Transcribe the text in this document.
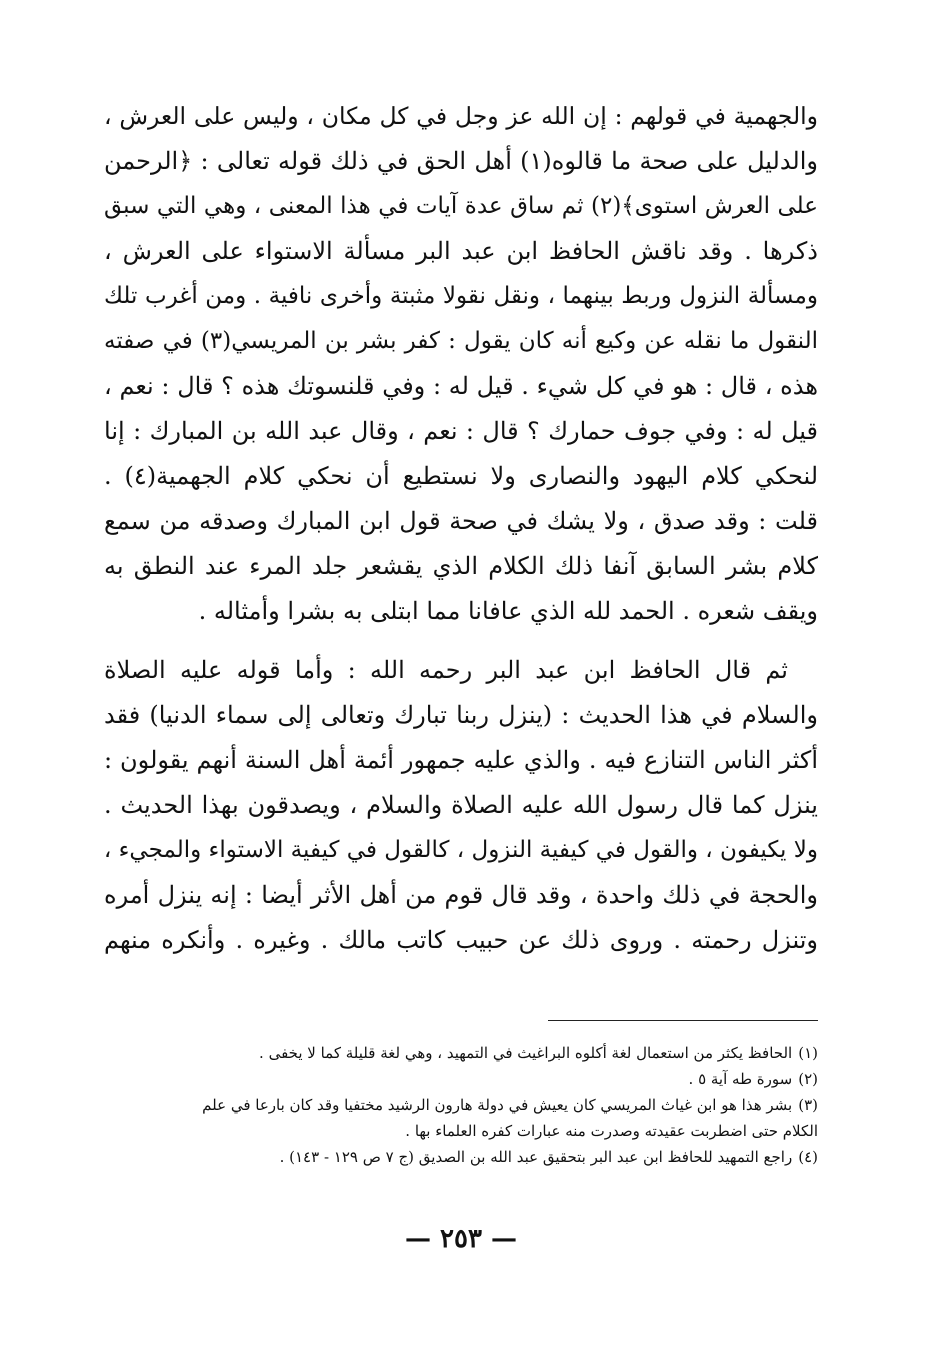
والجهمية في قولهم : إن الله عز وجل في كل مكان ، وليس على العرش ،
والدليل على صحة ما قالوه(١) أهل الحق في ذلك قوله تعالى : ﴿الرحمن
على العرش استوى﴾(٢) ثم ساق عدة آيات في هذا المعنى ، وهي التي سبق
ذكرها . وقد ناقش الحافظ ابن عبد البر مسألة الاستواء على العرش ،
ومسألة النزول وربط بينهما ، ونقل نقولا مثبتة وأخرى نافية . ومن أغرب تلك
النقول ما نقله عن وكيع أنه كان يقول : كفر بشر بن المريسي(٣) في صفته
هذه ، قال : هو في كل شيء . قيل له : وفي قلنسوتك هذه ؟ قال : نعم ،
قيل له : وفي جوف حمارك ؟ قال : نعم ، وقال عبد الله بن المبارك : إنا
لنحكي كلام اليهود والنصارى ولا نستطيع أن نحكي كلام الجهمية(٤) .
قلت : وقد صدق ، ولا يشك في صحة قول ابن المبارك وصدقه من سمع
كلام بشر السابق آنفا ذلك الكلام الذي يقشعر جلد المرء عند النطق به
ويقف شعره . الحمد لله الذي عافانا مما ابتلى به بشرا وأمثاله .
ثم قال الحافظ ابن عبد البر رحمه الله : وأما قوله عليه الصلاة
والسلام في هذا الحديث : (ينزل ربنا تبارك وتعالى إلى سماء الدنيا) فقد
أكثر الناس التنازع فيه . والذي عليه جمهور أئمة أهل السنة أنهم يقولون :
ينزل كما قال رسول الله عليه الصلاة والسلام ، ويصدقون بهذا الحديث .
ولا يكيفون ، والقول في كيفية النزول ، كالقول في كيفية الاستواء والمجيء ،
والحجة في ذلك واحدة ، وقد قال قوم من أهل الأثر أيضا : إنه ينزل أمره
وتنزل رحمته . وروى ذلك عن حبيب كاتب مالك . وغيره . وأنكره منهم
(١)الحافظ يكثر من استعمال لغة أكلوه البراغيث في التمهيد ، وهي لغة قليلة كما لا يخفى .
(٢)سورة طه آية ٥ .
(٣)بشر هذا هو ابن غياث المريسي كان يعيش في دولة هارون الرشيد مختفيا وقد كان بارعا في علم
الكلام حتى اضطربت عقيدته وصدرت منه عبارات كفره العلماء بها .
(٤)راجع التمهيد للحافظ ابن عبد البر بتحقيق عبد الله بن الصديق (ج ٧ ص ١٢٩ - ١٤٣) .
— ٢٥٣ —
